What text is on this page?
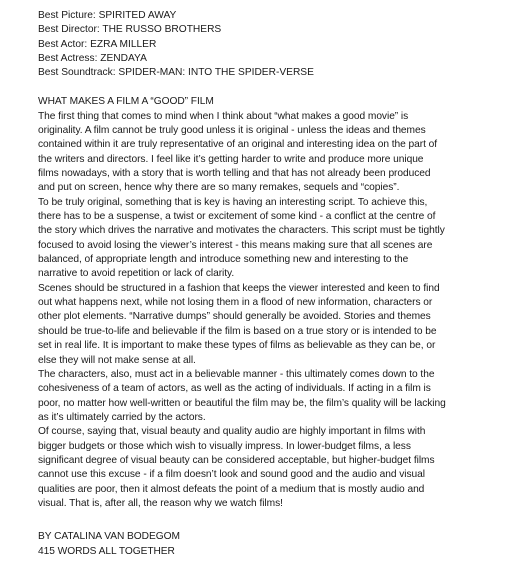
Best Picture: SPIRITED AWAY
Best Director: THE RUSSO BROTHERS
Best Actor: EZRA MILLER
Best Actress: ZENDAYA
Best Soundtrack: SPIDER-MAN: INTO THE SPIDER-VERSE
WHAT MAKES A FILM A “GOOD” FILM
The first thing that comes to mind when I think about “what makes a good movie” is
originality. A film cannot be truly good unless it is original - unless the ideas and themes
contained within it are truly representative of an original and interesting idea on the part of
the writers and directors. I feel like it’s getting harder to write and produce more unique
films nowadays, with a story that is worth telling and that has not already been produced
and put on screen, hence why there are so many remakes, sequels and “copies”.
To be truly original, something that is key is having an interesting script. To achieve this,
there has to be a suspense, a twist or excitement of some kind - a conflict at the centre of
the story which drives the narrative and motivates the characters. This script must be tightly
focused to avoid losing the viewer’s interest - this means making sure that all scenes are
balanced, of appropriate length and introduce something new and interesting to the
narrative to avoid repetition or lack of clarity.
Scenes should be structured in a fashion that keeps the viewer interested and keen to find
out what happens next, while not losing them in a flood of new information, characters or
other plot elements. “Narrative dumps” should generally be avoided. Stories and themes
should be true-to-life and believable if the film is based on a true story or is intended to be
set in real life. It is important to make these types of films as believable as they can be, or
else they will not make sense at all.
The characters, also, must act in a believable manner - this ultimately comes down to the
cohesiveness of a team of actors, as well as the acting of individuals. If acting in a film is
poor, no matter how well-written or beautiful the film may be, the film’s quality will be lacking
as it’s ultimately carried by the actors.
Of course, saying that, visual beauty and quality audio are highly important in films with
bigger budgets or those which wish to visually impress. In lower-budget films, a less
significant degree of visual beauty can be considered acceptable, but higher-budget films
cannot use this excuse - if a film doesn’t look and sound good and the audio and visual
qualities are poor, then it almost defeats the point of a medium that is mostly audio and
visual. That is, after all, the reason why we watch films!
BY CATALINA VAN BODEGOM
415 WORDS ALL TOGETHER
